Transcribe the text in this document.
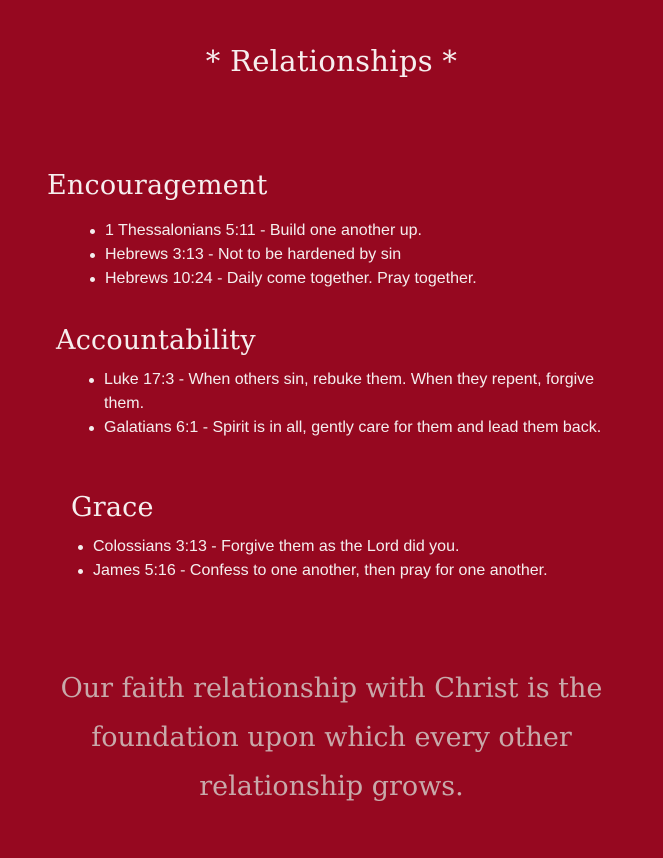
* Relationships *
Encouragement
1 Thessalonians 5:11 - Build one another up.
Hebrews 3:13 - Not to be hardened by sin
Hebrews 10:24 - Daily come together. Pray together.
Accountability
Luke 17:3 - When others sin, rebuke them. When they repent, forgive them.
Galatians 6:1 - Spirit is in all, gently care for them and lead them back.
Grace
Colossians 3:13 - Forgive them as the Lord did you.
James 5:16 - Confess to one another, then pray for one another.

Our faith relationship with Christ is the foundation upon which every other relationship grows.
